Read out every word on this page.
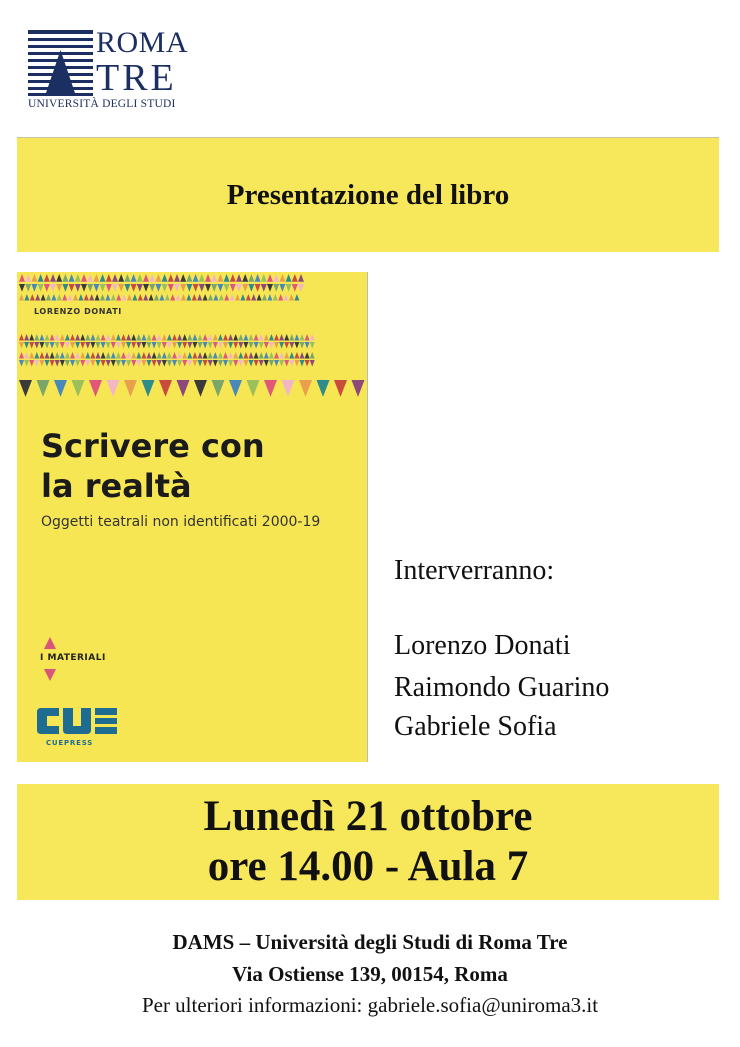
ROMA
TRE
UNIVERSITÀ DEGLI STUDI
Presentazione del libro
LORENZO DONATI
Scrivere con
la realtà
Oggetti teatrali non identificati 2000-19
I MATERIALI
CUEPRESS
Interverranno:
Lorenzo Donati
Raimondo Guarino
Gabriele Sofia
Lunedì 21 ottobre
ore 14.00 - Aula 7
DAMS – Università degli Studi di Roma Tre
Via Ostiense 139, 00154, Roma
Per ulteriori informazioni: gabriele.sofia@uniroma3.it
